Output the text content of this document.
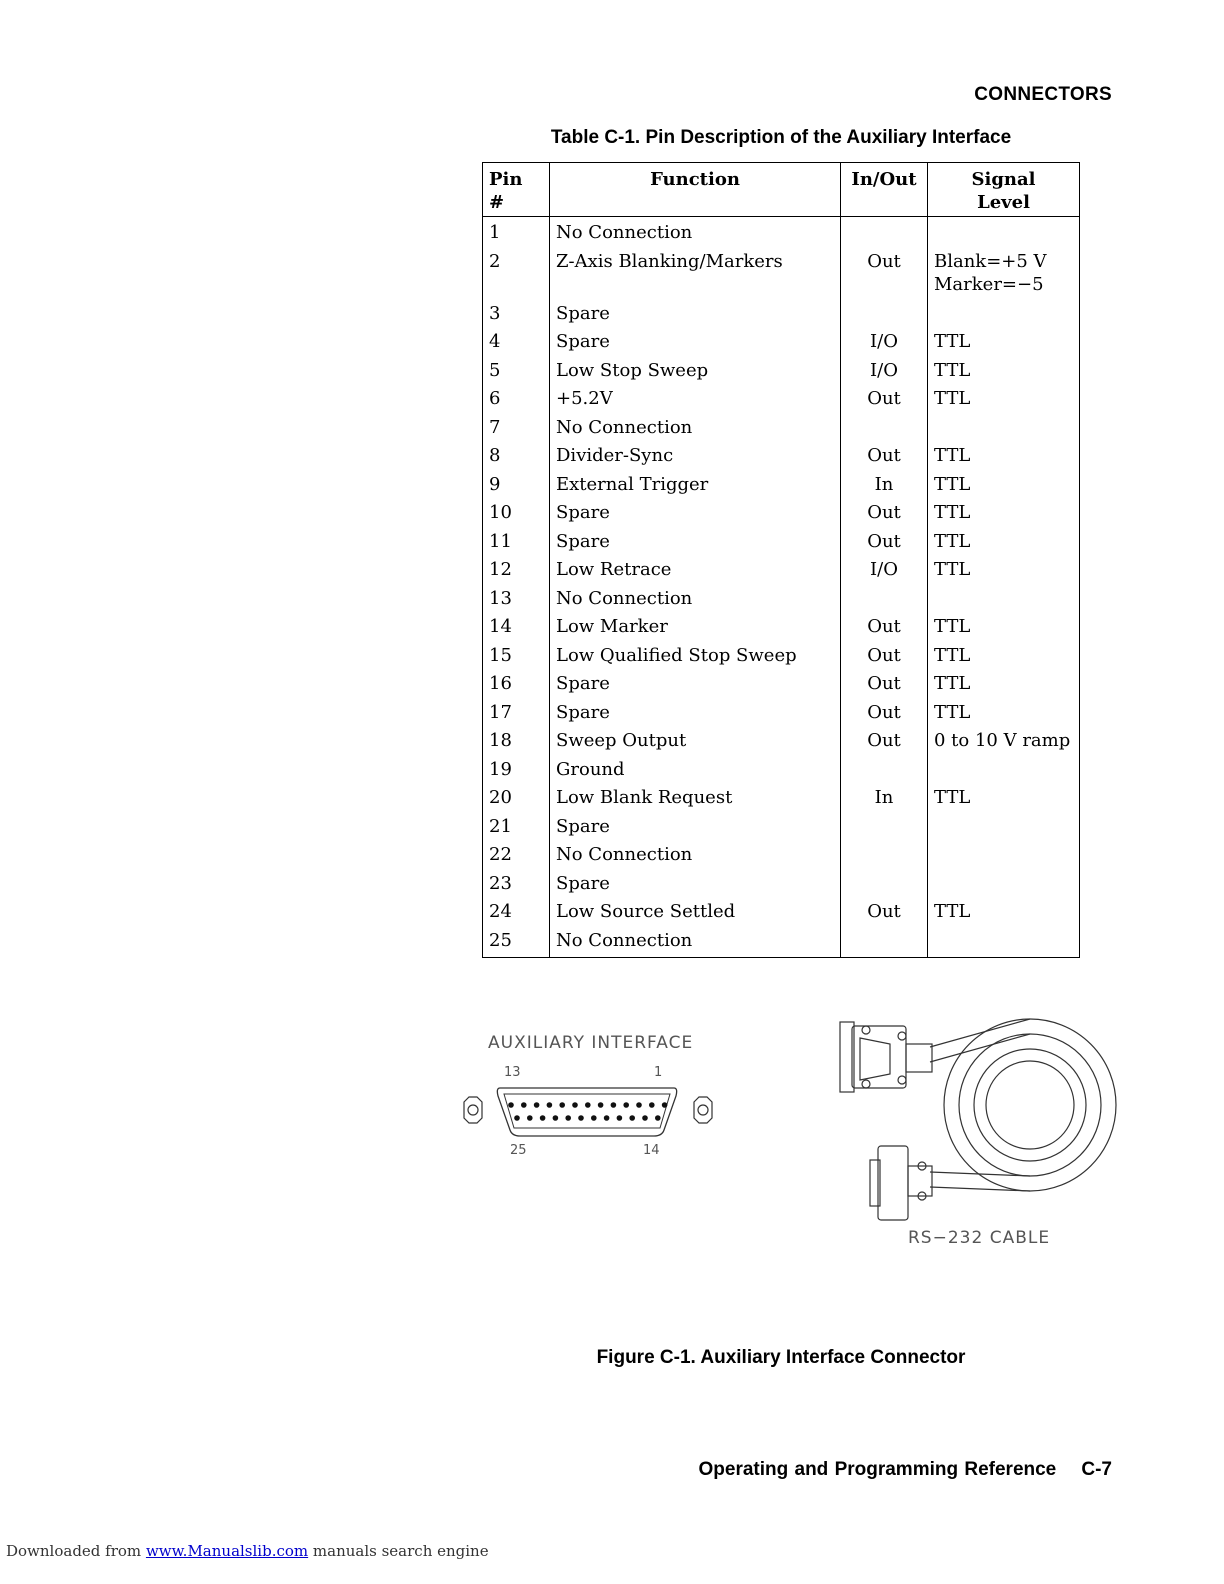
CONNECTORS
Table C-1. Pin Description of the Auxiliary Interface
Pin #	Function	In/Out	Signal
Level
1	No Connection		
2	Z-Axis Blanking/Markers	Out	Blank=+5 V
Marker=−5
3	Spare		
4	Spare	I/O	TTL
5	Low Stop Sweep	I/O	TTL
6	+5.2V	Out	TTL
7	No Connection		
8	Divider-Sync	Out	TTL
9	External Trigger	In	TTL
10	Spare	Out	TTL
11	Spare	Out	TTL
12	Low Retrace	I/O	TTL
13	No Connection		
14	Low Marker	Out	TTL
15	Low Qualified Stop Sweep	Out	TTL
16	Spare	Out	TTL
17	Spare	Out	TTL
18	Sweep Output	Out	0 to 10 V ramp
19	Ground		
20	Low Blank Request	In	TTL
21	Spare		
22	No Connection		
23	Spare		
24	Low Source Settled	Out	TTL
25	No Connection		
AUXILIARY INTERFACE
13	1
25	14
RS−232 CABLE
Figure C-1. Auxiliary Interface Connector
Operating and Programming Reference C-7
Downloaded from www.Manualslib.com manuals search engine
